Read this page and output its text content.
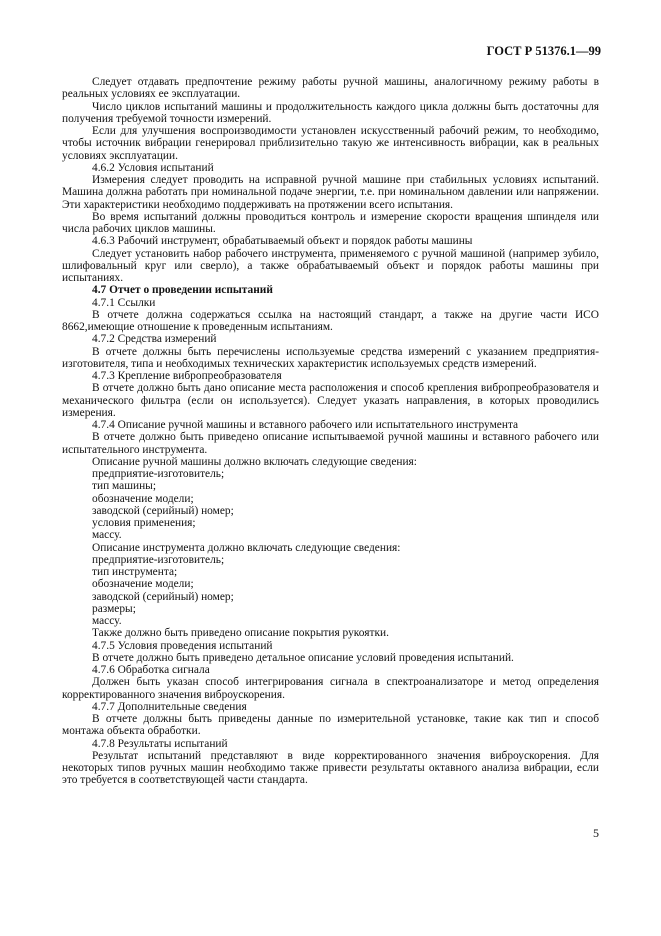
ГОСТ Р 51376.1—99
Следует отдавать предпочтение режиму работы ручной машины, аналогичному режиму работы в реальных условиях ее эксплуатации.
Число циклов испытаний машины и продолжительность каждого цикла должны быть достаточны для получения требуемой точности измерений.
Если для улучшения воспроизводимости установлен искусственный рабочий режим, то необходимо, чтобы источник вибрации генерировал приблизительно такую же интенсивность вибрации, как в реальных условиях эксплуатации.
4.6.2 Условия испытаний
Измерения следует проводить на исправной ручной машине при стабильных условиях испытаний. Машина должна работать при номинальной подаче энергии, т.е. при номинальном давлении или напряжении. Эти характеристики необходимо поддерживать на протяжении всего испытания.
Во время испытаний должны проводиться контроль и измерение скорости вращения шпинделя или числа рабочих циклов машины.
4.6.3 Рабочий инструмент, обрабатываемый объект и порядок работы машины
Следует установить набор рабочего инструмента, применяемого с ручной машиной (например зубило, шлифовальный круг или сверло), а также обрабатываемый объект и порядок работы машины при испытаниях.
4.7 Отчет о проведении испытаний
4.7.1 Ссылки
В отчете должна содержаться ссылка на настоящий стандарт, а также на другие части ИСО 8662,имеющие отношение к проведенным испытаниям.
4.7.2 Средства измерений
В отчете должны быть перечислены используемые средства измерений с указанием предприятия-изготовителя, типа и необходимых технических характеристик используемых средств измерений.
4.7.3 Крепление вибропреобразователя
В отчете должно быть дано описание места расположения и способ крепления вибропреобразователя и механического фильтра (если он используется). Следует указать направления, в которых проводились измерения.
4.7.4 Описание ручной машины и вставного рабочего или испытательного инструмента
В отчете должно быть приведено описание испытываемой ручной машины и вставного рабочего или испытательного инструмента.
Описание ручной машины должно включать следующие сведения:
предприятие-изготовитель;
тип машины;
обозначение модели;
заводской (серийный) номер;
условия применения;
массу.
Описание инструмента должно включать следующие сведения:
предприятие-изготовитель;
тип инструмента;
обозначение модели;
заводской (серийный) номер;
размеры;
массу.
Также должно быть приведено описание покрытия рукоятки.
4.7.5 Условия проведения испытаний
В отчете должно быть приведено детальное описание условий проведения испытаний.
4.7.6 Обработка сигнала
Должен быть указан способ интегрирования сигнала в спектроанализаторе и метод определения корректированного значения виброускорения.
4.7.7 Дополнительные сведения
В отчете должны быть приведены данные по измерительной установке, такие как тип и способ монтажа объекта обработки.
4.7.8 Результаты испытаний
Результат испытаний представляют в виде корректированного значения виброускорения. Для некоторых типов ручных машин необходимо также привести результаты октавного анализа вибрации, если это требуется в соответствующей части стандарта.
5
